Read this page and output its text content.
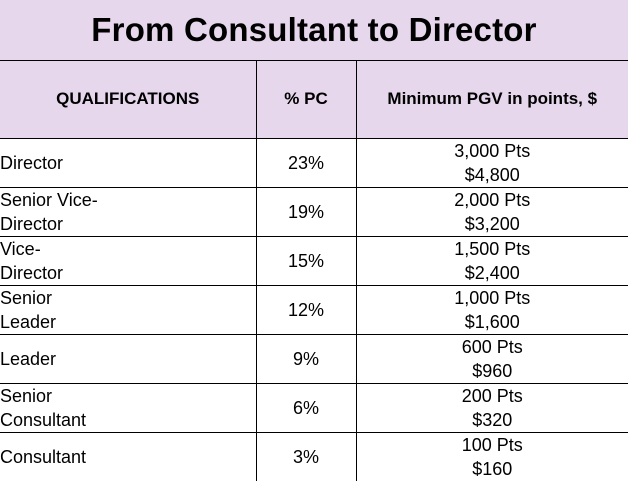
From Consultant to Director
QUALIFICATIONS	% PC	Minimum PGV in points, $

Director	23%	3,000 Pts
$4,800

Senior Vice-
Director	19%	2,000 Pts
$3,200

Vice-
Director	15%	1,500 Pts
$2,400

Senior
Leader	12%	1,000 Pts
$1,600

Leader	9%	600 Pts
$960

Senior
Consultant	6%	200 Pts
$320

Consultant	3%	100 Pts
$160
